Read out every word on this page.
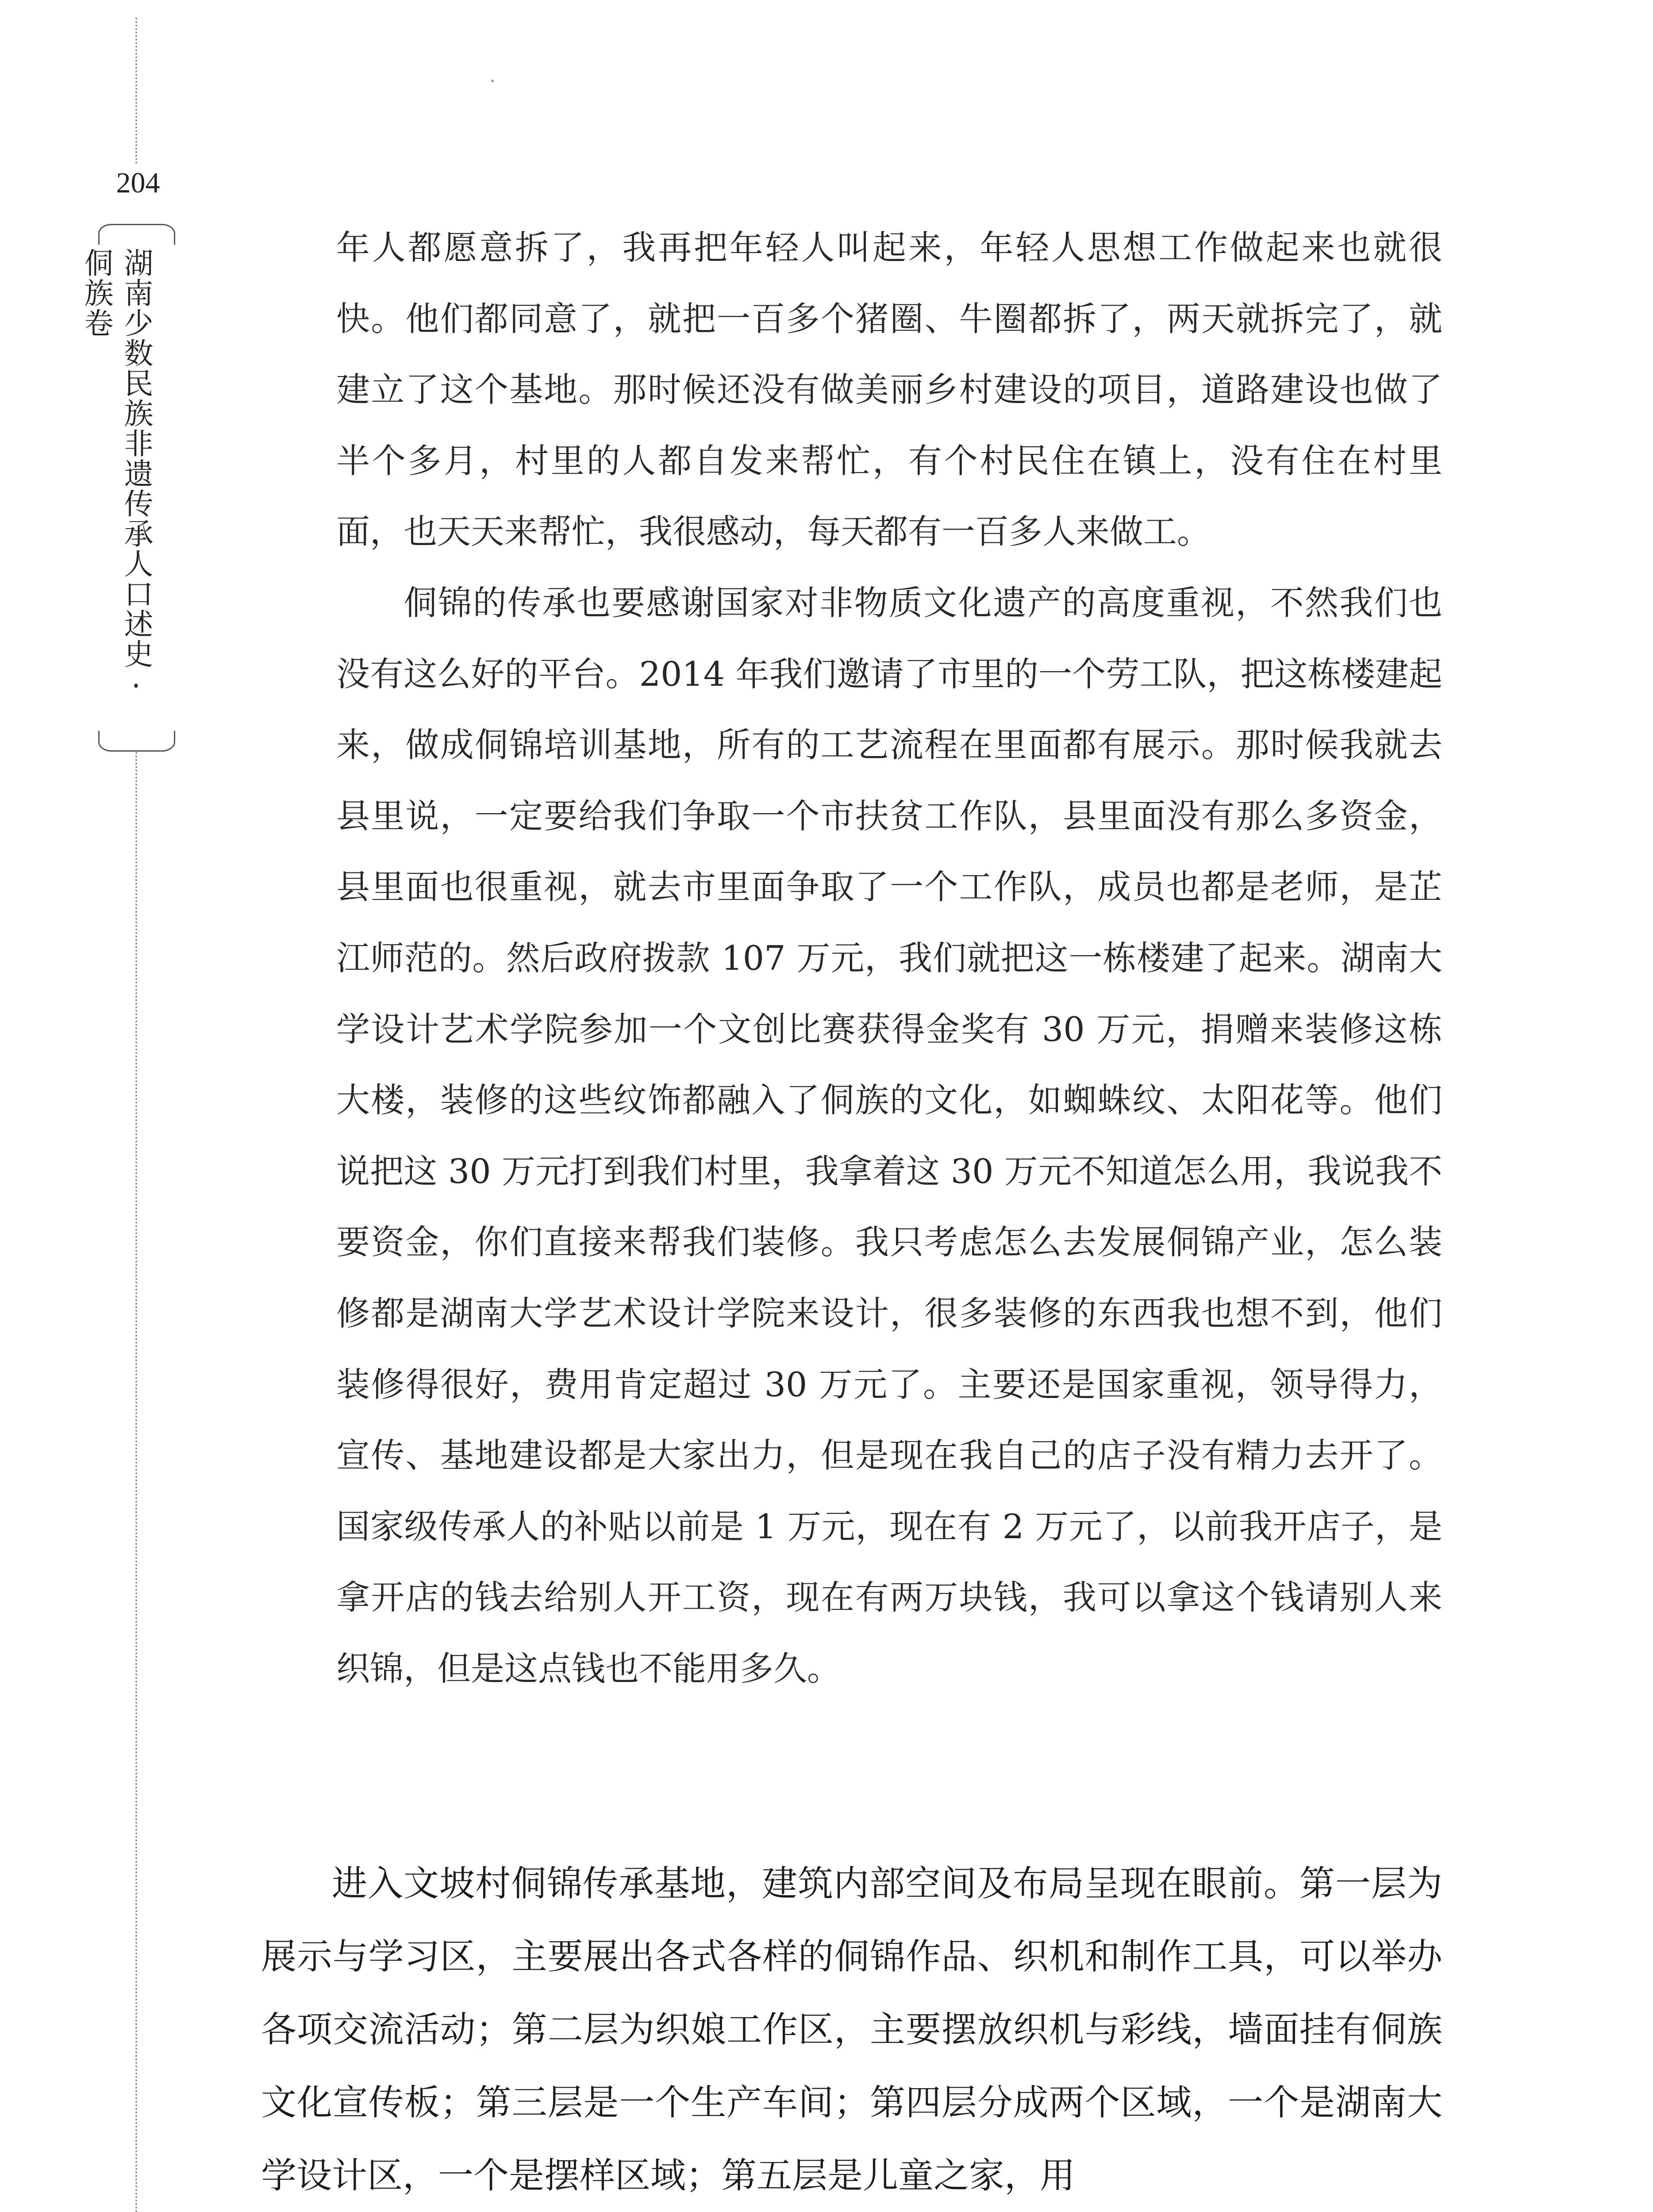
204
湖南少数民族非遗传承人口述史·侗族卷

年人都愿意拆了，我再把年轻人叫起来，年轻人思想工作做起来也就很快。他们都同意了，就把一百多个猪圈、牛圈都拆了，两天就拆完了，就建立了这个基地。那时候还没有做美丽乡村建设的项目，道路建设也做了半个多月，村里的人都自发来帮忙，有个村民住在镇上，没有住在村里面，也天天来帮忙，我很感动，每天都有一百多人来做工。

侗锦的传承也要感谢国家对非物质文化遗产的高度重视，不然我们也没有这么好的平台。2014 年我们邀请了市里的一个劳工队，把这栋楼建起来，做成侗锦培训基地，所有的工艺流程在里面都有展示。那时候我就去县里说，一定要给我们争取一个市扶贫工作队，县里面没有那么多资金，县里面也很重视，就去市里面争取了一个工作队，成员也都是老师，是芷江师范的。然后政府拨款 107 万元，我们就把这一栋楼建了起来。湖南大学设计艺术学院参加一个文创比赛获得金奖有 30 万元，捐赠来装修这栋大楼，装修的这些纹饰都融入了侗族的文化，如蜘蛛纹、太阳花等。他们说把这 30 万元打到我们村里，我拿着这 30 万元不知道怎么用，我说我不要资金，你们直接来帮我们装修。我只考虑怎么去发展侗锦产业，怎么装修都是湖南大学艺术设计学院来设计，很多装修的东西我也想不到，他们装修得很好，费用肯定超过 30 万元了。主要还是国家重视，领导得力，宣传、基地建设都是大家出力，但是现在我自己的店子没有精力去开了。国家级传承人的补贴以前是 1 万元，现在有 2 万元了，以前我开店子，是拿开店的钱去给别人开工资，现在有两万块钱，我可以拿这个钱请别人来织锦，但是这点钱也不能用多久。

进入文坡村侗锦传承基地，建筑内部空间及布局呈现在眼前。第一层为展示与学习区，主要展出各式各样的侗锦作品、织机和制作工具，可以举办各项交流活动；第二层为织娘工作区，主要摆放织机与彩线，墙面挂有侗族文化宣传板；第三层是一个生产车间；第四层分成两个区域，一个是湖南大学设计区，一个是摆样区域；第五层是儿童之家，用
